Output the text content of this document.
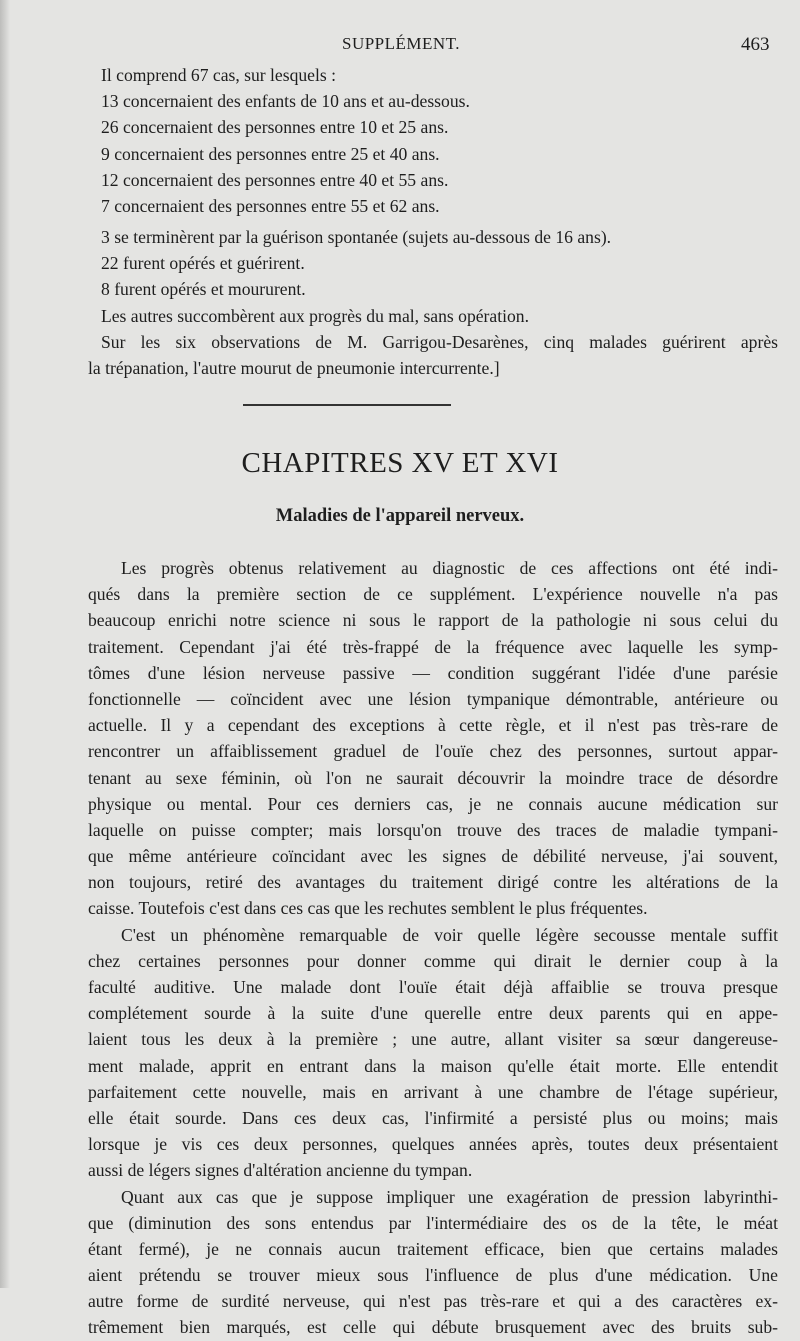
SUPPLÉMENT.	463
Il comprend 67 cas, sur lesquels :
13 concernaient des enfants de 10 ans et au-dessous.
26 concernaient des personnes entre 10 et 25 ans.
9 concernaient des personnes entre 25 et 40 ans.
12 concernaient des personnes entre 40 et 55 ans.
7 concernaient des personnes entre 55 et 62 ans.
3 se terminèrent par la guérison spontanée (sujets au-dessous de 16 ans).
22 furent opérés et guérirent.
8 furent opérés et moururent.
Les autres succombèrent aux progrès du mal, sans opération.
Sur les six observations de M. Garrigou-Desarènes, cinq malades guérirent après
la trépanation, l'autre mourut de pneumonie intercurrente.]
CHAPITRES XV ET XVI
Maladies de l'appareil nerveux.
Les progrès obtenus relativement au diagnostic de ces affections ont été indi-
qués dans la première section de ce supplément. L'expérience nouvelle n'a pas
beaucoup enrichi notre science ni sous le rapport de la pathologie ni sous celui du
traitement. Cependant j'ai été très-frappé de la fréquence avec laquelle les symp-
tômes d'une lésion nerveuse passive — condition suggérant l'idée d'une parésie
fonctionnelle — coïncident avec une lésion tympanique démontrable, antérieure ou
actuelle. Il y a cependant des exceptions à cette règle, et il n'est pas très-rare de
rencontrer un affaiblissement graduel de l'ouïe chez des personnes, surtout appar-
tenant au sexe féminin, où l'on ne saurait découvrir la moindre trace de désordre
physique ou mental. Pour ces derniers cas, je ne connais aucune médication sur
laquelle on puisse compter; mais lorsqu'on trouve des traces de maladie tympani-
que même antérieure coïncidant avec les signes de débilité nerveuse, j'ai souvent,
non toujours, retiré des avantages du traitement dirigé contre les altérations de la
caisse. Toutefois c'est dans ces cas que les rechutes semblent le plus fréquentes.
C'est un phénomène remarquable de voir quelle légère secousse mentale suffit
chez certaines personnes pour donner comme qui dirait le dernier coup à la
faculté auditive. Une malade dont l'ouïe était déjà affaiblie se trouva presque
complétement sourde à la suite d'une querelle entre deux parents qui en appe-
laient tous les deux à la première ; une autre, allant visiter sa sœur dangereuse-
ment malade, apprit en entrant dans la maison qu'elle était morte. Elle entendit
parfaitement cette nouvelle, mais en arrivant à une chambre de l'étage supérieur,
elle était sourde. Dans ces deux cas, l'infirmité a persisté plus ou moins; mais
lorsque je vis ces deux personnes, quelques années après, toutes deux présentaient
aussi de légers signes d'altération ancienne du tympan.
Quant aux cas que je suppose impliquer une exagération de pression labyrinthi-
que (diminution des sons entendus par l'intermédiaire des os de la tête, le méat
étant fermé), je ne connais aucun traitement efficace, bien que certains malades
aient prétendu se trouver mieux sous l'influence de plus d'une médication. Une
autre forme de surdité nerveuse, qui n'est pas très-rare et qui a des caractères ex-
trêmement bien marqués, est celle qui débute brusquement avec des bruits sub-
